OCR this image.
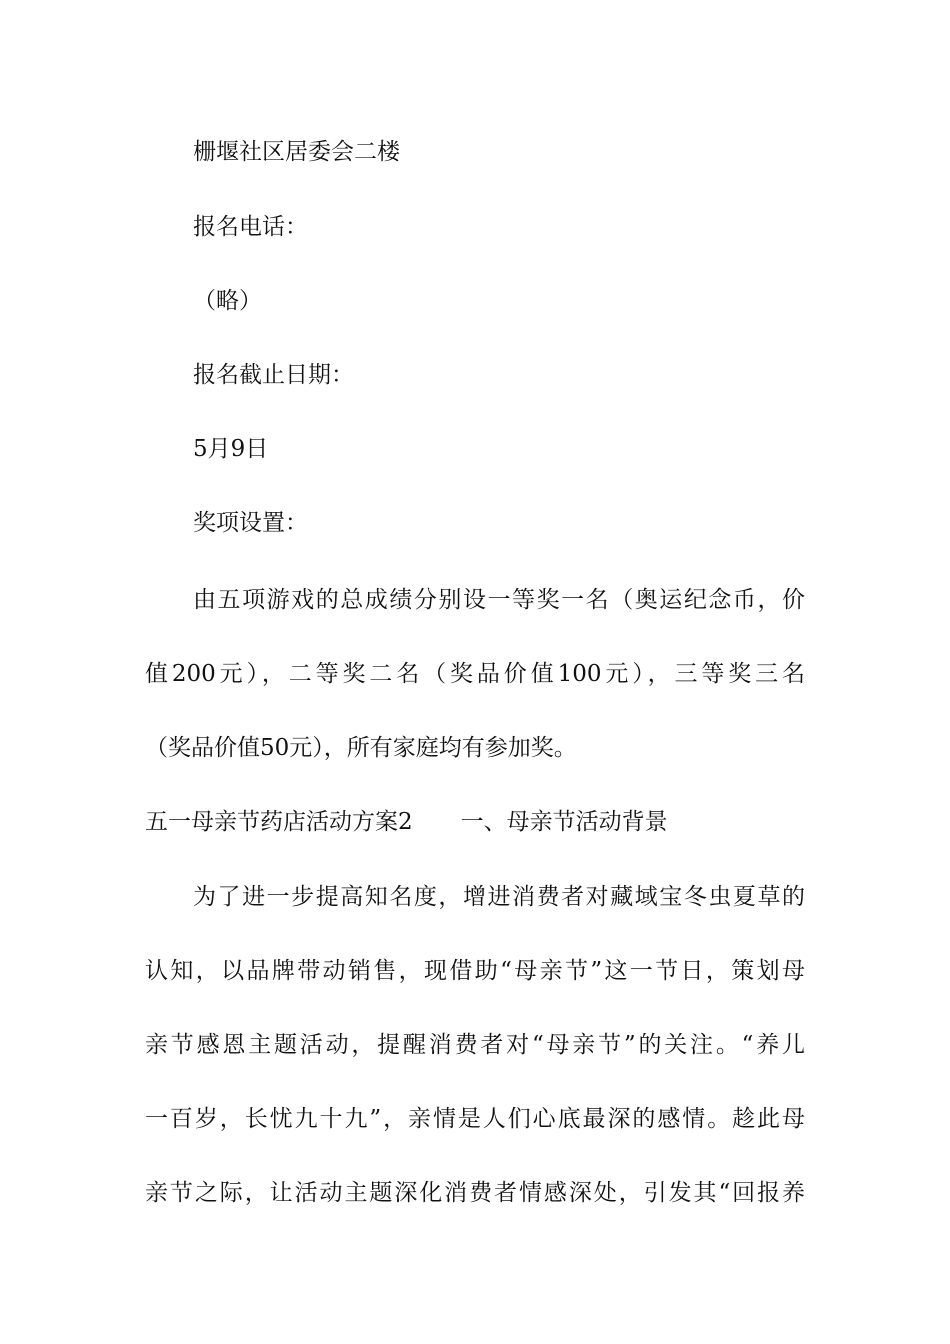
栅堰社区居委会二楼
报名电话：
（略）
报名截止日期：
5月9日
奖项设置：
由五项游戏的总成绩分别设一等奖一名（奥运纪念币，价
值200元），二等奖二名（奖品价值100元），三等奖三名
（奖品价值50元），所有家庭均有参加奖。
五一母亲节药店活动方案2 一、母亲节活动背景
为了进一步提高知名度，增进消费者对藏域宝冬虫夏草的
认知，以品牌带动销售，现借助“母亲节”这一节日，策划母
亲节感恩主题活动，提醒消费者对“母亲节”的关注。“养儿
一百岁，长忧九十九”，亲情是人们心底最深的感情。趁此母
亲节之际，让活动主题深化消费者情感深处，引发其“回报养
